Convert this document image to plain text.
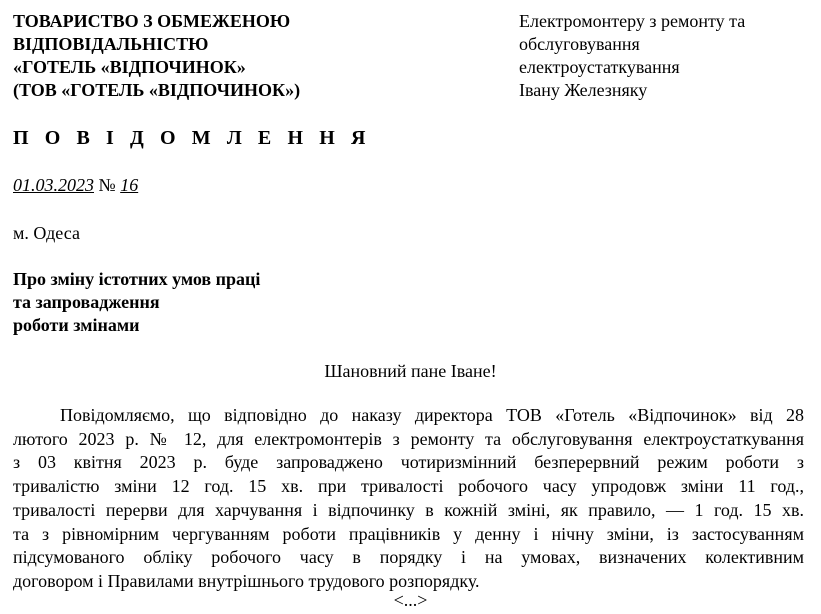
ТОВАРИСТВО З ОБМЕЖЕНОЮ
ВІДПОВІДАЛЬНІСТЮ
«ГОТЕЛЬ «ВІДПОЧИНОК»
(ТОВ «ГОТЕЛЬ «ВІДПОЧИНОК»)
Електромонтеру з ремонту та
обслуговування
електроустаткування
Івану Железняку
П О В І Д О М Л Е Н Н Я
01.03.2023 № 16
м. Одеса
Про зміну істотних умов праці
та запровадження
роботи змінами
Шановний пане Іване!
Повідомляємо, що відповідно до наказу директора ТОВ «Готель «Відпочинок» від 28
лютого 2023 р. № 12, для електромонтерів з ремонту та обслуговування електроустаткування
з 03 квітня 2023 р. буде запроваджено чотиризмінний безперервний режим роботи з
тривалістю зміни 12 год. 15 хв. при тривалості робочого часу упродовж зміни 11 год.,
тривалості перерви для харчування і відпочинку в кожній зміні, як правило, — 1 год. 15 хв.
та з рівномірним чергуванням роботи працівників у денну і нічну зміни, із застосуванням
підсумованого обліку робочого часу в порядку і на умовах, визначених колективним
договором і Правилами внутрішнього трудового розпорядку.
<...>
